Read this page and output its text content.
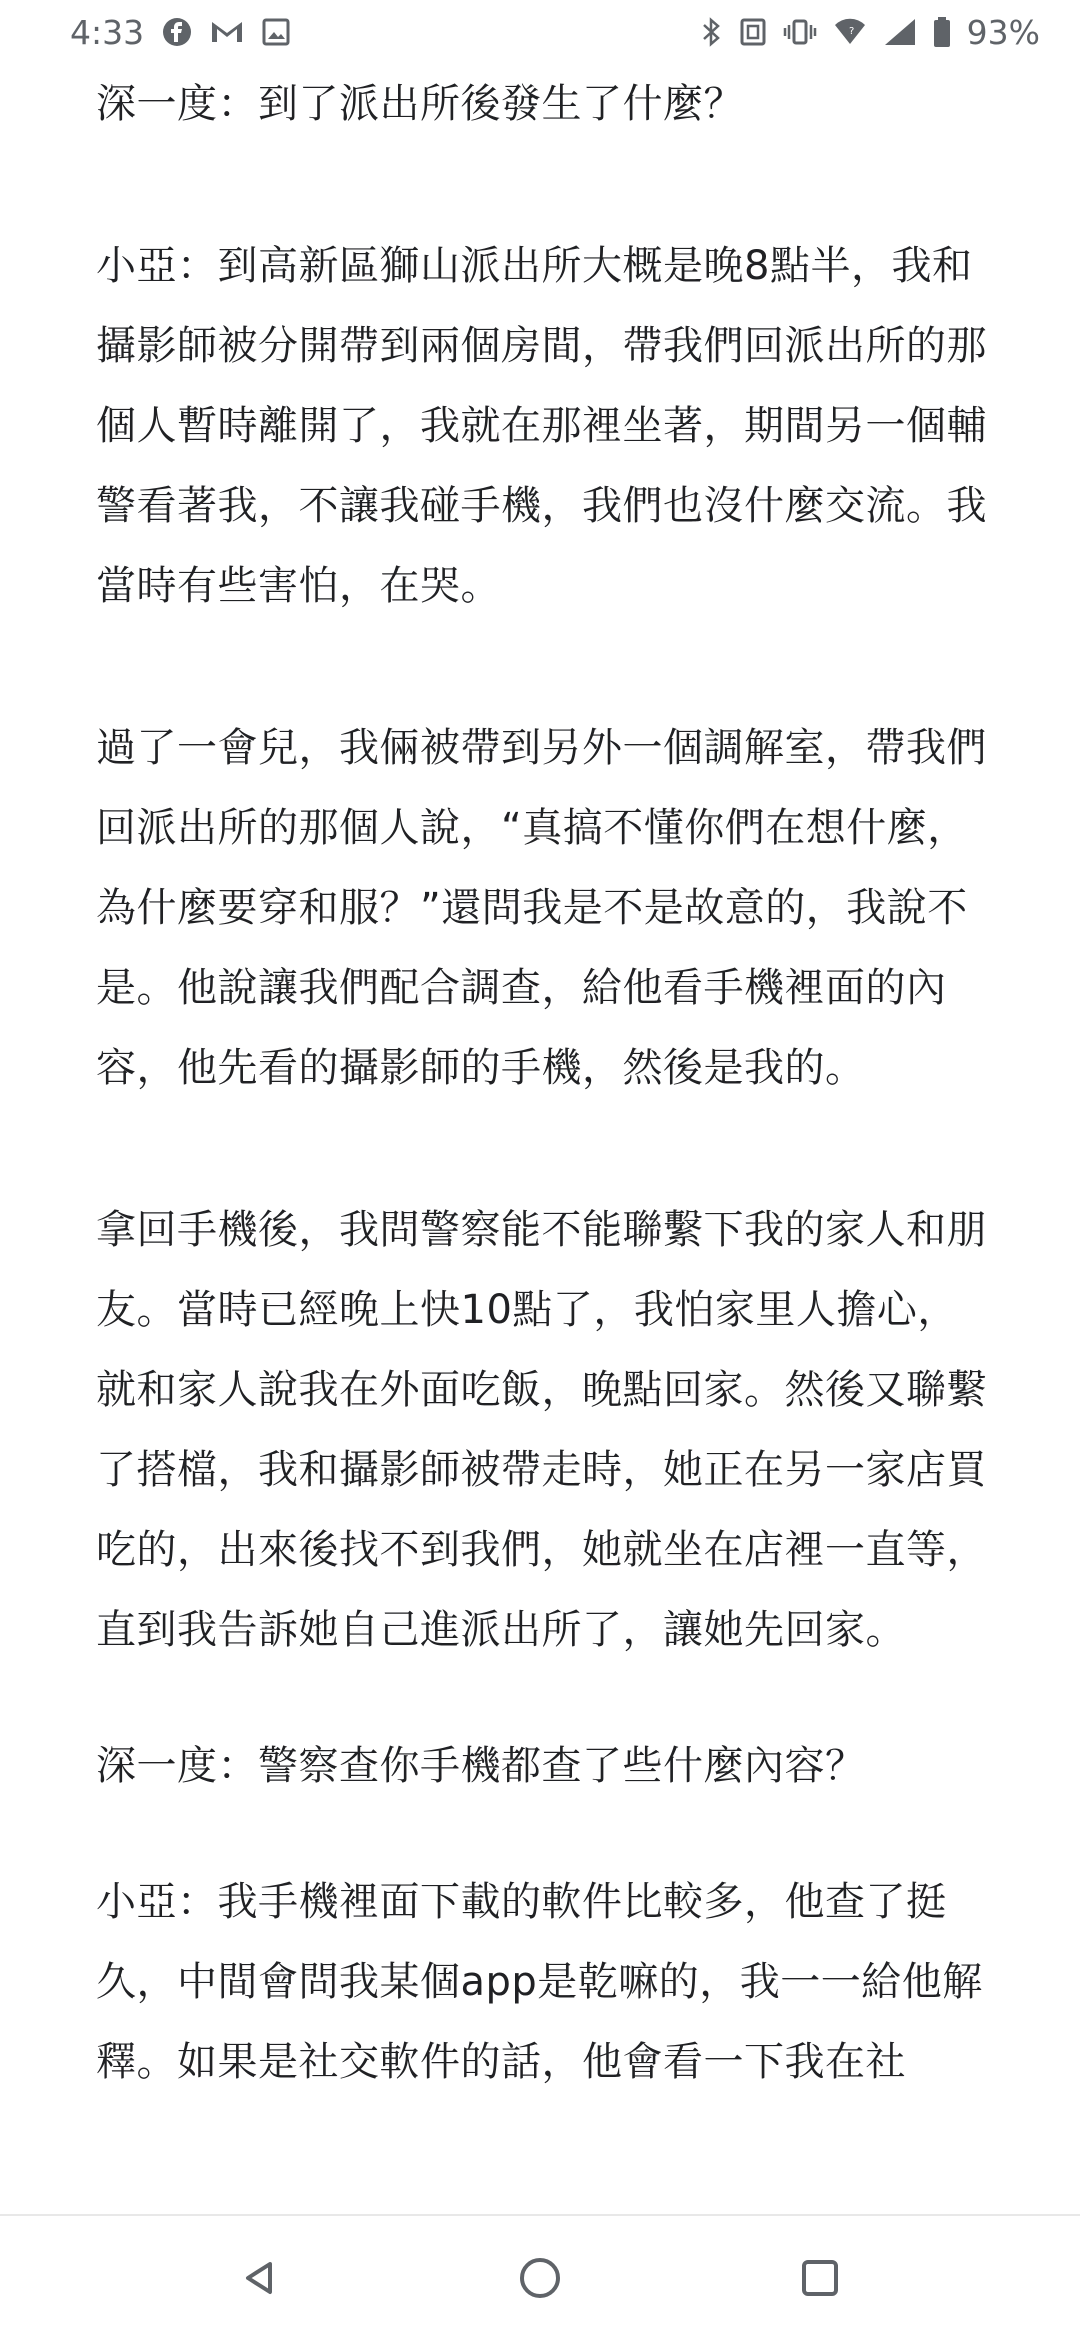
4:33	?	93%

深一度：到了派出所後發生了什麼？

小亞：到高新區獅山派出所大概是晚8點半，我和攝影師被分開帶到兩個房間，帶我們回派出所的那個人暫時離開了，我就在那裡坐著，期間另一個輔警看著我，不讓我碰手機，我們也沒什麼交流。我當時有些害怕，在哭。

過了一會兒，我倆被帶到另外一個調解室，帶我們回派出所的那個人說，“真搞不懂你們在想什麼，為什麼要穿和服？”還問我是不是故意的，我說不是。他說讓我們配合調查，給他看手機裡面的內容，他先看的攝影師的手機，然後是我的。

拿回手機後，我問警察能不能聯繫下我的家人和朋友。當時已經晚上快10點了，我怕家里人擔心，就和家人說我在外面吃飯，晚點回家。然後又聯繫了搭檔，我和攝影師被帶走時，她正在另一家店買吃的，出來後找不到我們，她就坐在店裡一直等，直到我告訴她自己進派出所了，讓她先回家。

深一度：警察查你手機都查了些什麼內容？

小亞：我手機裡面下載的軟件比較多，他查了挺久，中間會問我某個app是乾嘛的，我一一給他解釋。如果是社交軟件的話，他會看一下我在社
